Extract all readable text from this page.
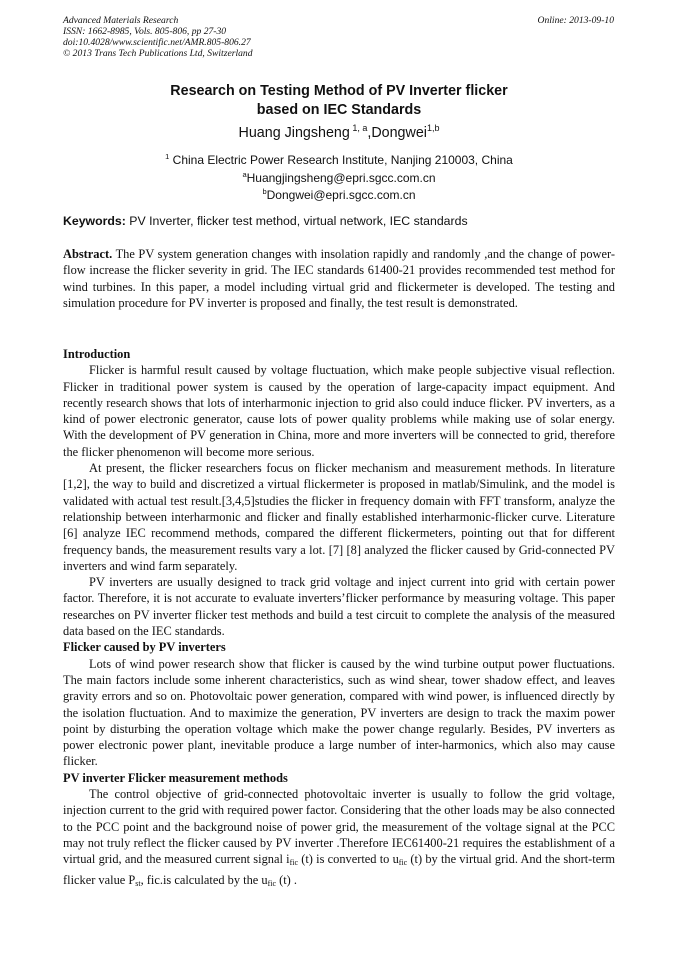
Advanced Materials Research
ISSN: 1662-8985, Vols. 805-806, pp 27-30
doi:10.4028/www.scientific.net/AMR.805-806.27
© 2013 Trans Tech Publications Ltd, Switzerland
Online: 2013-09-10
Research on Testing Method of PV Inverter flicker
based on IEC Standards
Huang Jingsheng $^{1, a}$,Dongwei$^{1,b}$
$^1$ China Electric Power Research Institute, Nanjing 210003, China
$^a$Huangjingsheng@epri.sgcc.com.cn
$^b$Dongwei@epri.sgcc.com.cn
Keywords: PV Inverter, flicker test method, virtual network, IEC standards

Abstract. The PV system generation changes with insolation rapidly and randomly ,and the change of power-flow increase the flicker severity in grid. The IEC standards 61400-21 provides recommended test method for wind turbines. In this paper, a model including virtual grid and flickermeter is developed. The testing and simulation procedure for PV inverter is proposed and finally, the test result is demonstrated.

Introduction

Flicker is harmful result caused by voltage fluctuation, which make people subjective visual reflection. Flicker in traditional power system is caused by the operation of large-capacity impact equipment. And recently research shows that lots of interharmonic injection to grid also could induce flicker. PV inverters, as a kind of power electronic generator, cause lots of power quality problems while making use of solar energy. With the development of PV generation in China, more and more inverters will be connected to grid, therefore the flicker phenomenon will become more serious.

At present, the flicker researchers focus on flicker mechanism and measurement methods. In literature [1,2], the way to build and discretized a virtual flickermeter is proposed in matlab/Simulink, and the model is validated with actual test result.[3,4,5]studies the flicker in frequency domain with FFT transform, analyze the relationship between interharmonic and flicker and finally established interharmonic-flicker curve. Literature [6] analyze IEC recommend methods, compared the different flickermeters, pointing out that for different frequency bands, the measurement results vary a lot. [7] [8] analyzed the flicker caused by Grid-connected PV inverters and wind farm separately.

PV inverters are usually designed to track grid voltage and inject current into grid with certain power factor. Therefore, it is not accurate to evaluate inverters’flicker performance by measuring voltage. This paper researches on PV inverter flicker test methods and build a test circuit to complete the analysis of the measured data based on the IEC standards.

Flicker caused by PV inverters

Lots of wind power research show that flicker is caused by the wind turbine output power fluctuations. The main factors include some inherent characteristics, such as wind shear, tower shadow effect, and leaves gravity errors and so on. Photovoltaic power generation, compared with wind power, is influenced directly by the isolation fluctuation. And to maximize the generation, PV inverters are design to track the maxim power point by disturbing the operation voltage which make the power change regularly. Besides, PV inverters as power electronic power plant, inevitable produce a large number of inter-harmonics, which also may cause flicker.

PV inverter Flicker measurement methods

The control objective of grid-connected photovoltaic inverter is usually to follow the grid voltage, injection current to the grid with required power factor. Considering that the other loads may be also connected to the PCC point and the background noise of power grid, the measurement of the voltage signal at the PCC may not truly reflect the flicker caused by PV inverter .Therefore IEC61400-21 requires the establishment of a virtual grid, and the measured current signal $i_{fic}$ (t) is converted to $u_{fic}$ (t) by the virtual grid. And the short-term flicker value $P_{st}$, fic.is calculated by the $u_{fic}$ (t) .
